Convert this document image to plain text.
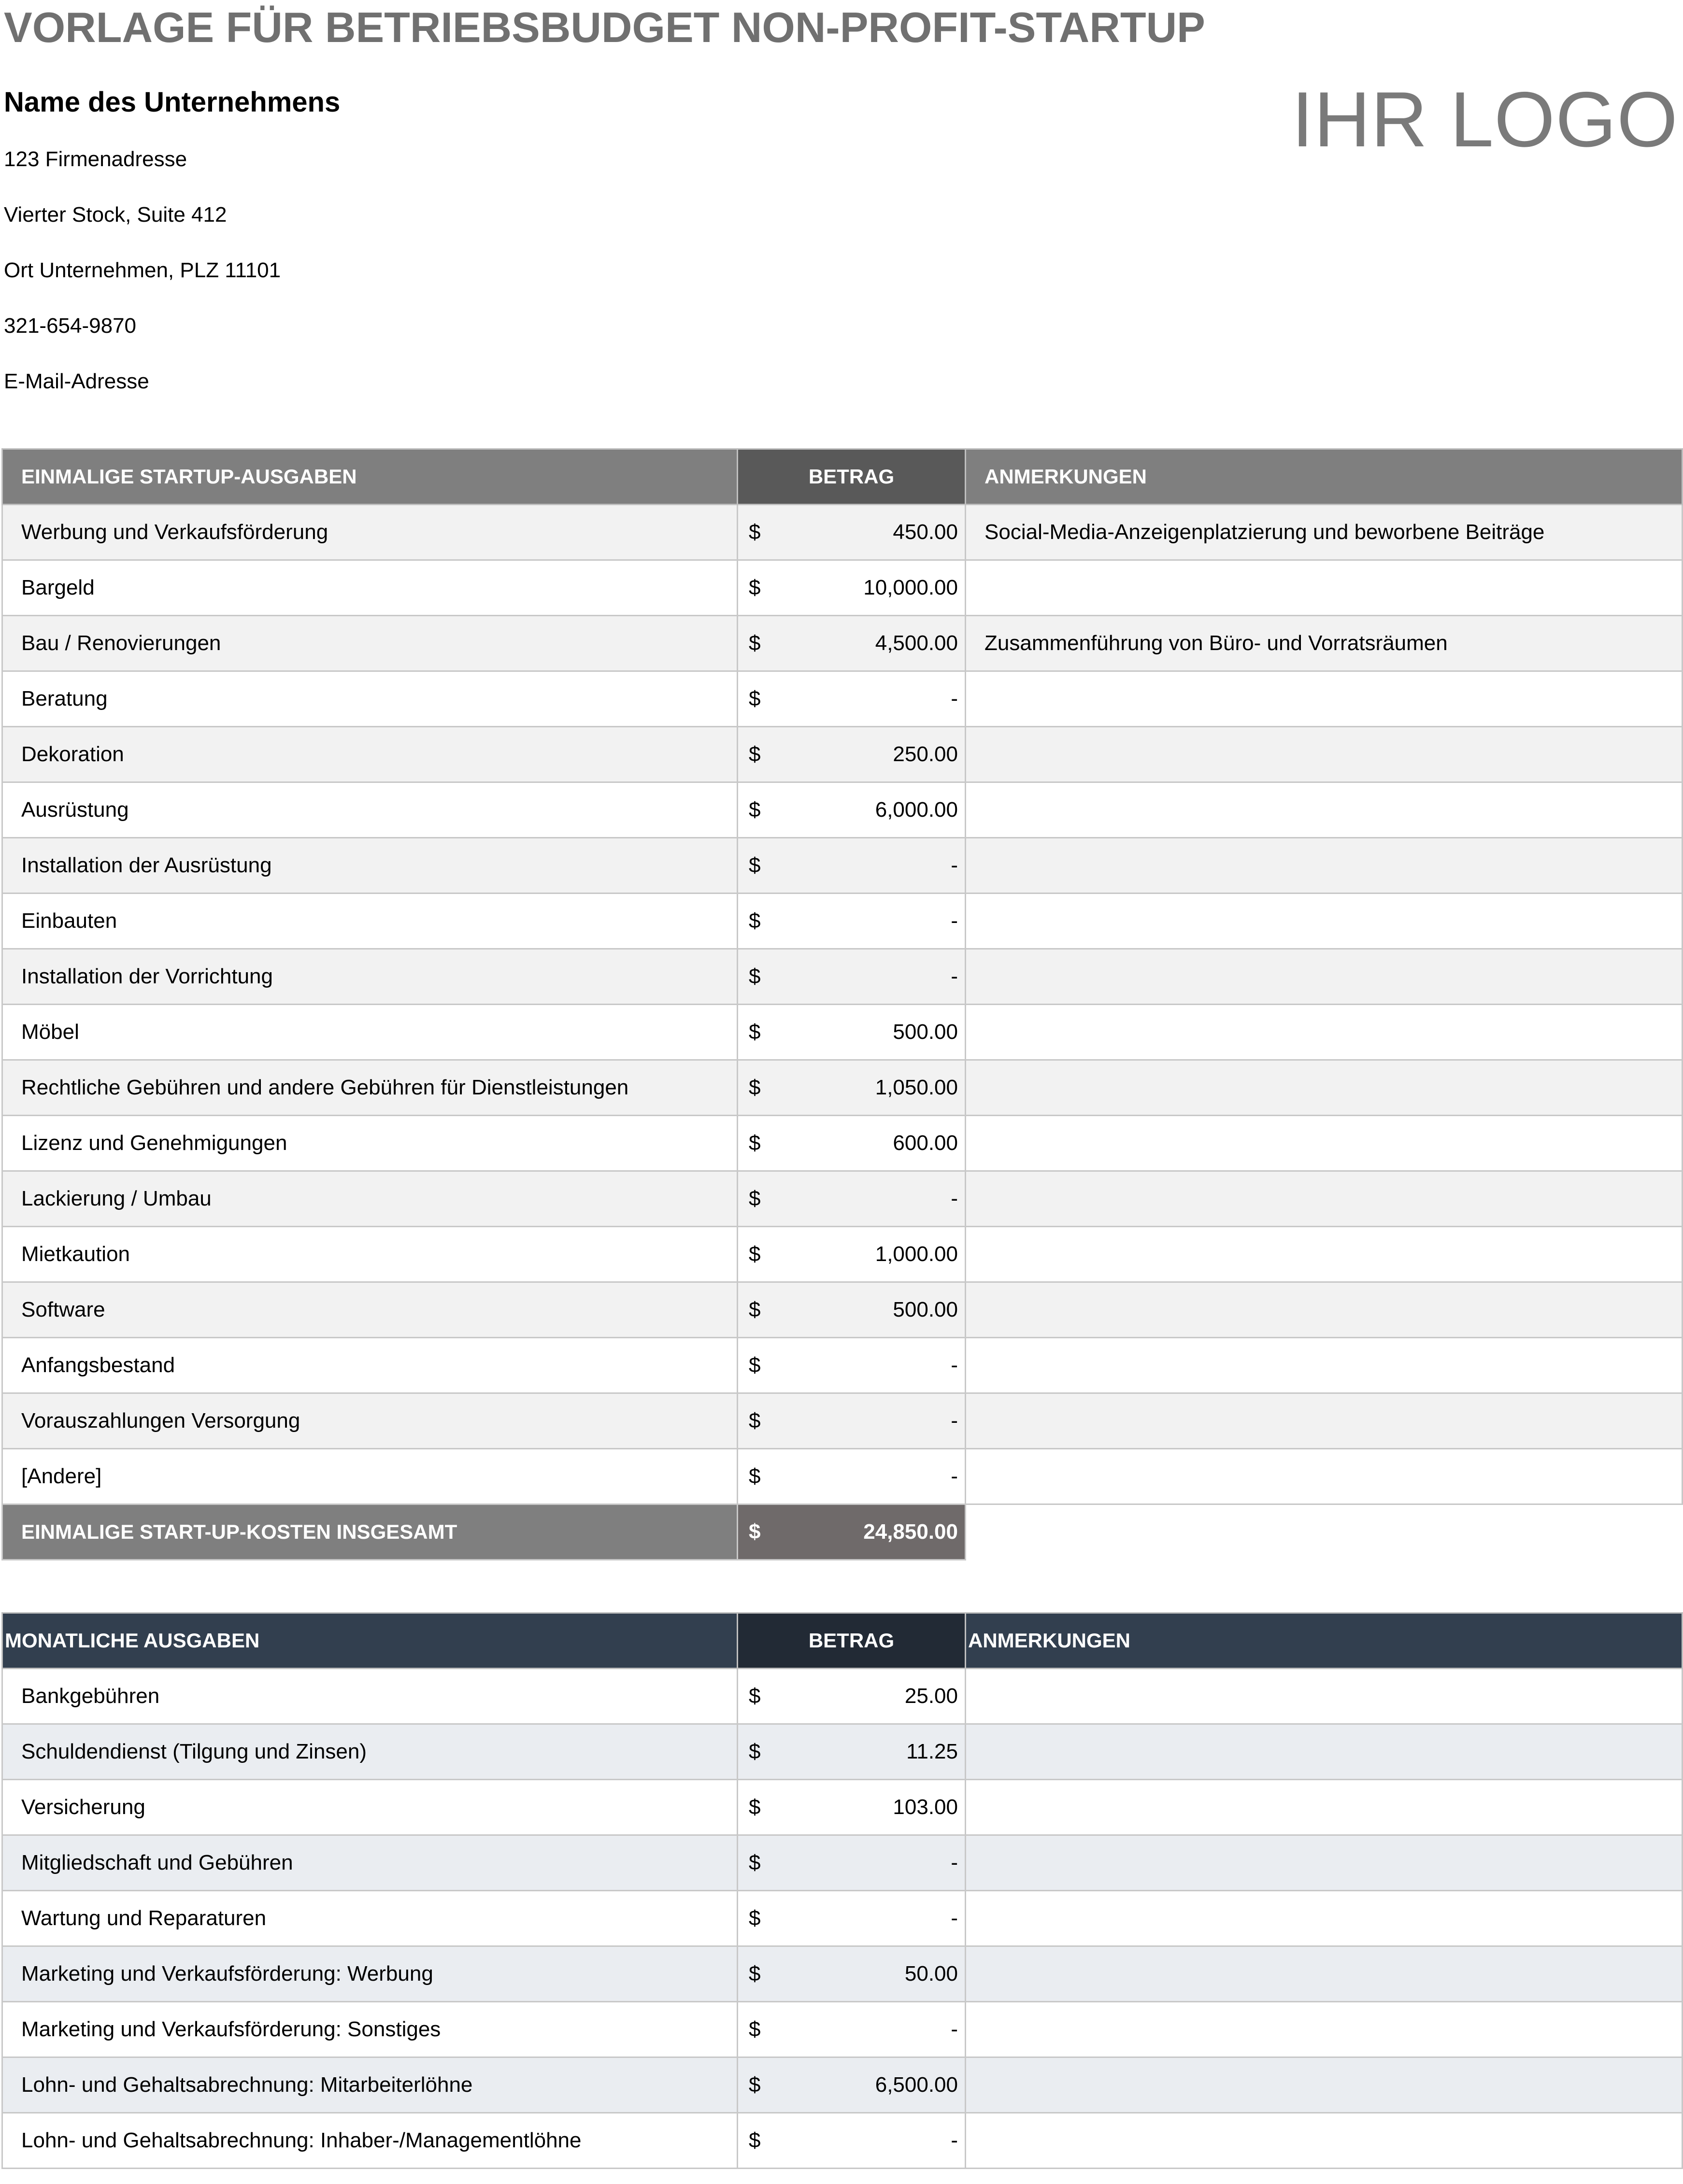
VORLAGE FÜR BETRIEBSBUDGET NON-PROFIT-STARTUP
Name des Unternehmens
123 Firmenadresse
Vierter Stock, Suite 412
Ort Unternehmen, PLZ 11101
321-654-9870
E-Mail-Adresse
IHR LOGO
EINMALIGE STARTUP-AUSGABEN	BETRAG	ANMERKUNGEN
Werbung und Verkaufsförderung	$ 450.00	Social-Media-Anzeigenplatzierung und beworbene Beiträge
Bargeld	$ 10,000.00	

Bau / Renovierungen	$ 4,500.00	Zusammenführung von Büro- und Vorratsräumen
Beratung	$ -	

Dekoration	$ 250.00	

Ausrüstung	$ 6,000.00	

Installation der Ausrüstung	$ -	

Einbauten	$ -	

Installation der Vorrichtung	$ -	

Möbel	$ 500.00	

Rechtliche Gebühren und andere Gebühren für Dienstleistungen	$ 1,050.00	

Lizenz und Genehmigungen	$ 600.00	

Lackierung / Umbau	$ -	

Mietkaution	$ 1,000.00	

Software	$ 500.00	

Anfangsbestand	$ -	

Vorauszahlungen Versorgung	$ -	

[Andere]	$ -	

EINMALIGE START-UP-KOSTEN INSGESAMT	$ 24,850.00	

MONATLICHE AUSGABEN	BETRAG	ANMERKUNGEN
Bankgebühren	$ 25.00	

Schuldendienst (Tilgung und Zinsen)	$ 11.25	

Versicherung	$ 103.00	

Mitgliedschaft und Gebühren	$ -	

Wartung und Reparaturen	$ -	

Marketing und Verkaufsförderung: Werbung	$ 50.00	

Marketing und Verkaufsförderung: Sonstiges	$ -	

Lohn- und Gehaltsabrechnung: Mitarbeiterlöhne	$ 6,500.00	

Lohn- und Gehaltsabrechnung: Inhaber-/Managementlöhne	$ -	
